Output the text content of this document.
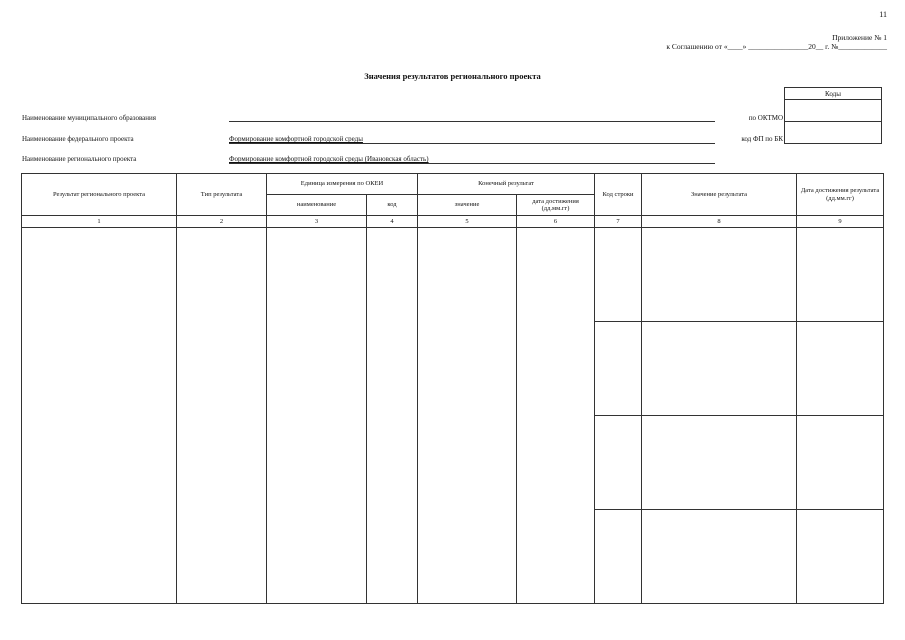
11
Приложение № 1
к Соглашению от «____» ________________20__ г. №_____________
Значения результатов регионального проекта
Коды
Наименование муниципального образования	по ОКТМО
Наименование федерального проекта	Формирование комфортной городской среды	код ФП по БК
Наименование регионального проекта	Формирование комфортной городской среды (Ивановская область)
Результат регионального проекта	Тип результата	Единица измерения по ОКЕИ		Конечный результат		Код строки	Значение результата	Дата достижения результата (дд.мм.гг)
		наименование	код	значение	дата достижения (дд.мм.гг)			
1	2	3	4	5	6	7	8	9
